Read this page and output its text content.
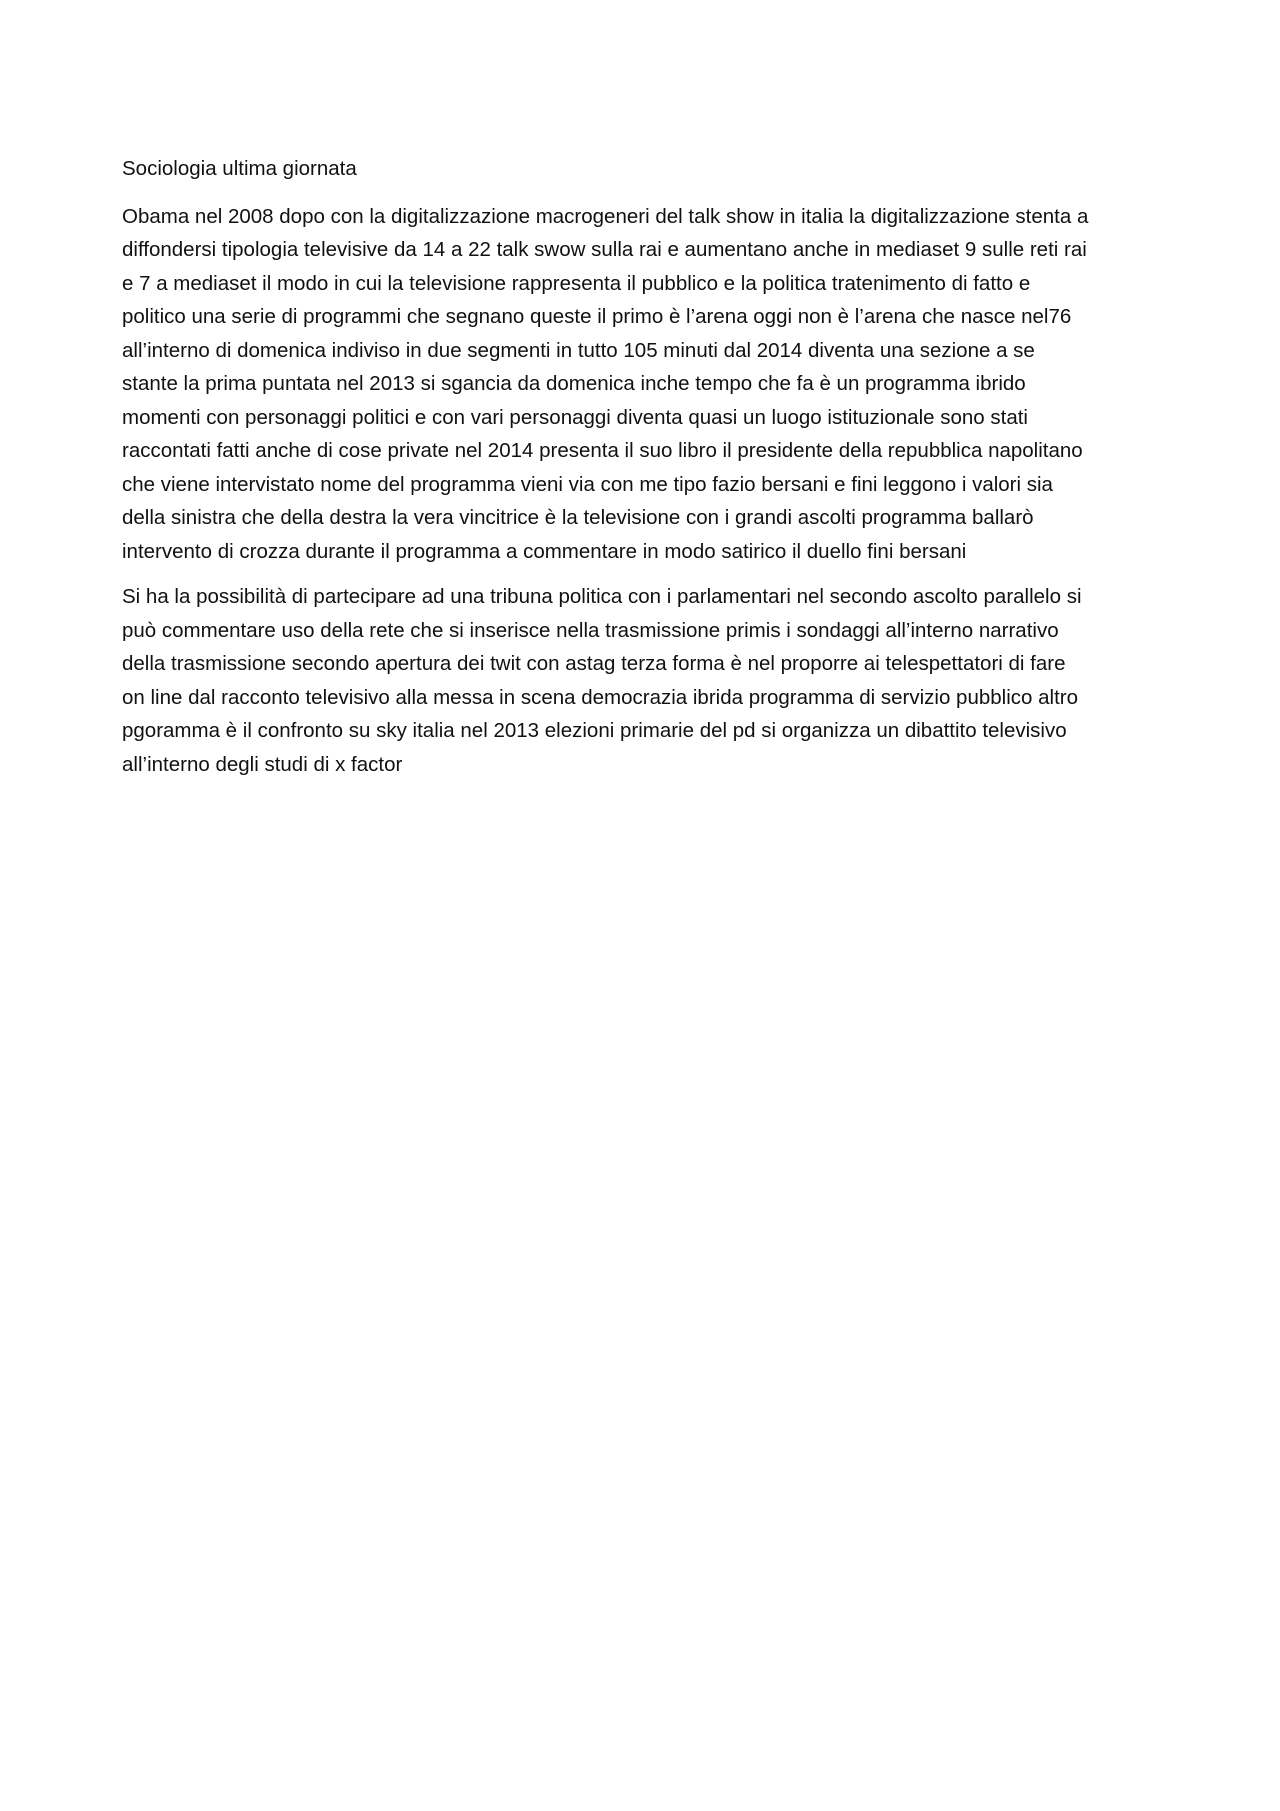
Sociologia ultima giornata

Obama nel 2008 dopo con la digitalizzazione macrogeneri del talk show in italia la digitalizzazione stenta a
diffondersi tipologia televisive da 14 a 22 talk swow sulla rai e aumentano anche in mediaset 9 sulle reti rai
e 7 a mediaset il modo in cui la televisione rappresenta il pubblico e la politica tratenimento di fatto e
politico una serie di programmi che segnano queste il primo è l’arena oggi non è l’arena che nasce nel76
all’interno di domenica indiviso in due segmenti in tutto 105 minuti dal 2014 diventa una sezione a se
stante la prima puntata nel 2013 si sgancia da domenica inche tempo che fa è un programma ibrido
momenti con personaggi politici e con vari personaggi diventa quasi un luogo istituzionale sono stati
raccontati fatti anche di cose private nel 2014 presenta il suo libro il presidente della repubblica napolitano
che viene intervistato nome del programma vieni via con me tipo fazio bersani e fini leggono i valori sia
della sinistra che della destra la vera vincitrice è la televisione con i grandi ascolti programma ballarò
intervento di crozza durante il programma a commentare in modo satirico il duello fini bersani

Si ha la possibilità di partecipare ad una tribuna politica con i parlamentari nel secondo ascolto parallelo si
può commentare uso della rete che si inserisce nella trasmissione primis i sondaggi all’interno narrativo
della trasmissione secondo apertura dei twit con astag terza forma è nel proporre ai telespettatori di fare
on line dal racconto televisivo alla messa in scena democrazia ibrida programma di servizio pubblico altro
pgoramma è il confronto su sky italia nel 2013 elezioni primarie del pd si organizza un dibattito televisivo
all’interno degli studi di x factor
